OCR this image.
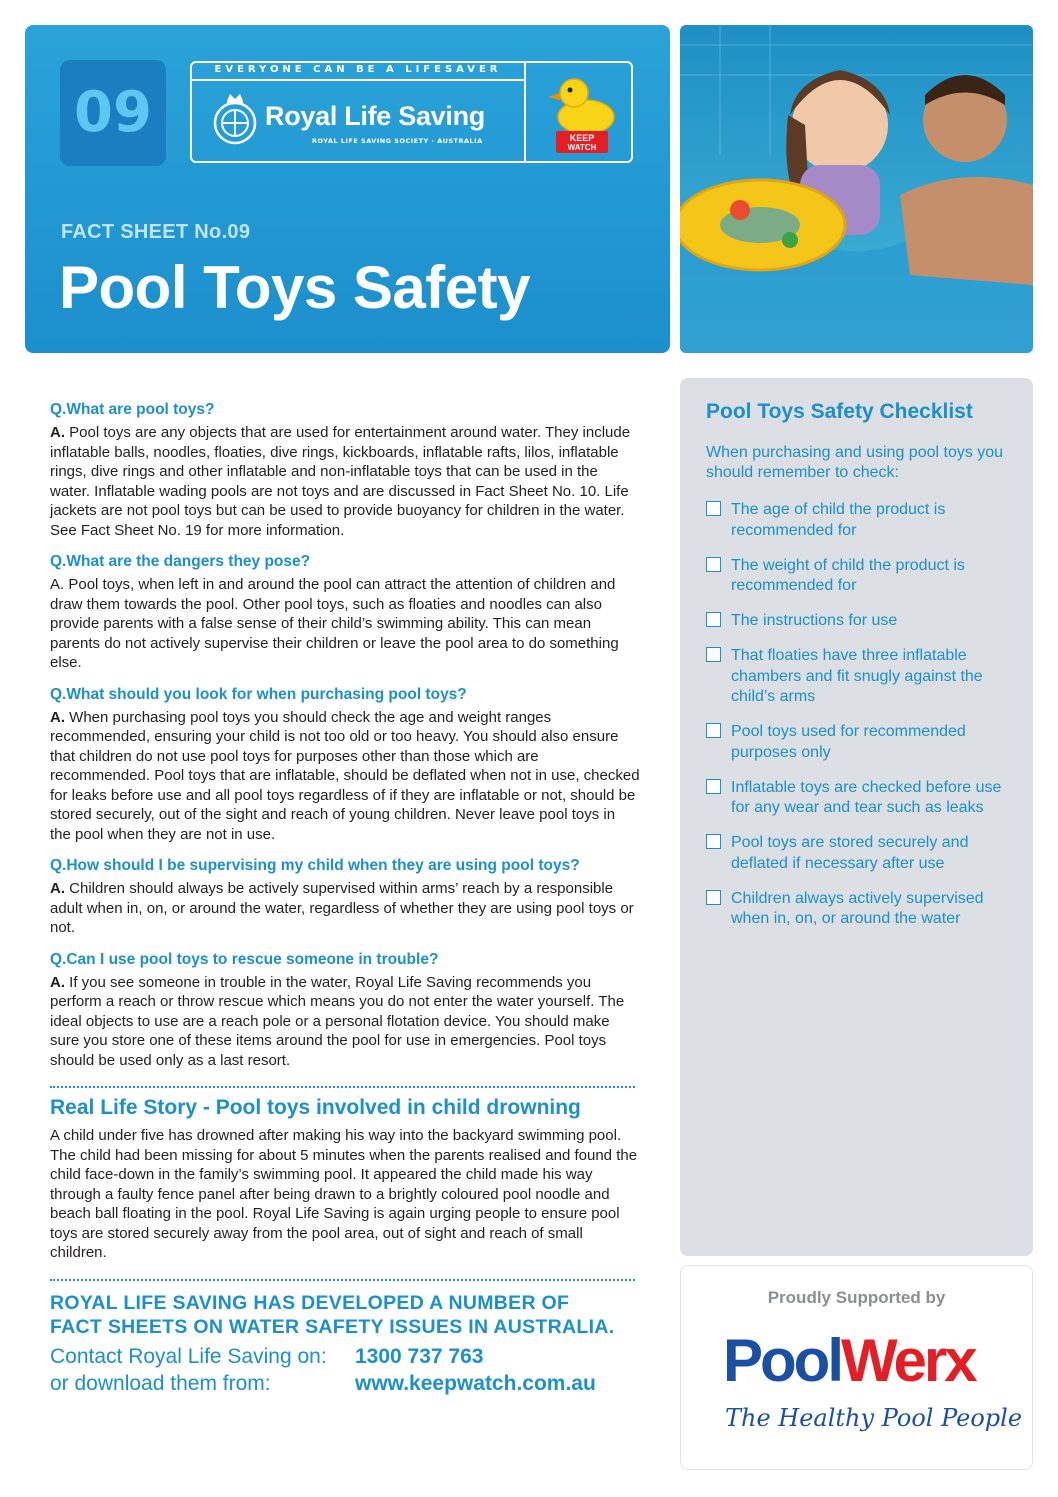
09
EVERYONE CAN BE A LIFESAVER
Royal Life Saving
ROYAL LIFE SAVING SOCIETY · AUSTRALIA	KEEP
WATCH
FACT SHEET No.09
Pool Toys Safety

Q.What are pool toys?

A. Pool toys are any objects that are used for entertainment around water. They include inflatable balls, noodles, floaties, dive rings, kickboards, inflatable rafts, lilos, inflatable rings, dive rings and other inflatable and non-inflatable toys that can be used in the water. Inflatable wading pools are not toys and are discussed in Fact Sheet No. 10. Life jackets are not pool toys but can be used to provide buoyancy for children in the water. See Fact Sheet No. 19 for more information.

Q.What are the dangers they pose?

A. Pool toys, when left in and around the pool can attract the attention of children and draw them towards the pool. Other pool toys, such as floaties and noodles can also provide parents with a false sense of their child’s swimming ability. This can mean parents do not actively supervise their children or leave the pool area to do something else.

Q.What should you look for when purchasing pool toys?

A. When purchasing pool toys you should check the age and weight ranges recommended, ensuring your child is not too old or too heavy. You should also ensure that children do not use pool toys for purposes other than those which are recommended. Pool toys that are inflatable, should be deflated when not in use, checked for leaks before use and all pool toys regardless of if they are inflatable or not, should be stored securely, out of the sight and reach of young children. Never leave pool toys in the pool when they are not in use.

Q.How should I be supervising my child when they are using pool toys?

A. Children should always be actively supervised within arms’ reach by a responsible adult when in, on, or around the water, regardless of whether they are using pool toys or not.

Q.Can I use pool toys to rescue someone in trouble?

A. If you see someone in trouble in the water, Royal Life Saving recommends you perform a reach or throw rescue which means you do not enter the water yourself. The ideal objects to use are a reach pole or a personal flotation device. You should make sure you store one of these items around the pool for use in emergencies. Pool toys should be used only as a last resort.

Real Life Story - Pool toys involved in child drowning

A child under five has drowned after making his way into the backyard swimming pool. The child had been missing for about 5 minutes when the parents realised and found the child face-down in the family’s swimming pool. It appeared the child made his way through a faulty fence panel after being drawn to a brightly coloured pool noodle and beach ball floating in the pool. Royal Life Saving is again urging people to ensure pool toys are stored securely away from the pool area, out of sight and reach of small children.

ROYAL LIFE SAVING HAS DEVELOPED A NUMBER OF
FACT SHEETS ON WATER SAFETY ISSUES IN AUSTRALIA.
Contact Royal Life Saving on: 1300 737 763
or download them from:	www.keepwatch.com.au
Pool Toys Safety Checklist
When purchasing and using pool toys you should remember to check:
The age of child the product is recommended for
The weight of child the product is recommended for
The instructions for use
That floaties have three inflatable chambers and fit snugly against the child’s arms
Pool toys used for recommended purposes only
Inflatable toys are checked before use for any wear and tear such as leaks
Pool toys are stored securely and deflated if necessary after use
Children always actively supervised when in, on, or around the water
Proudly Supported by
PoolWerx
The Healthy Pool People
